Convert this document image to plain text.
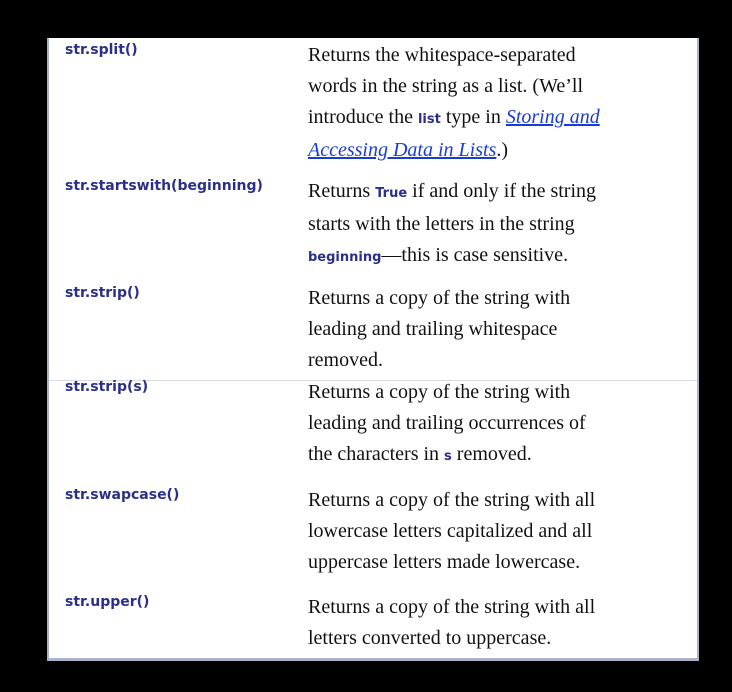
str.split()	Returns the whitespace-separated
words in the string as a list. (We’ll
introduce the list type in Storing and
Accessing Data in Lists.)
str.startswith(beginning) Returns True if and only if the string
starts with the letters in the string
beginning—this is case sensitive.
str.strip()	Returns a copy of the string with
leading and trailing whitespace
removed.
str.strip(s)	Returns a copy of the string with
leading and trailing occurrences of
the characters in s removed.
str.swapcase()	Returns a copy of the string with all
lowercase letters capitalized and all
uppercase letters made lowercase.
str.upper()	Returns a copy of the string with all
letters converted to uppercase.
